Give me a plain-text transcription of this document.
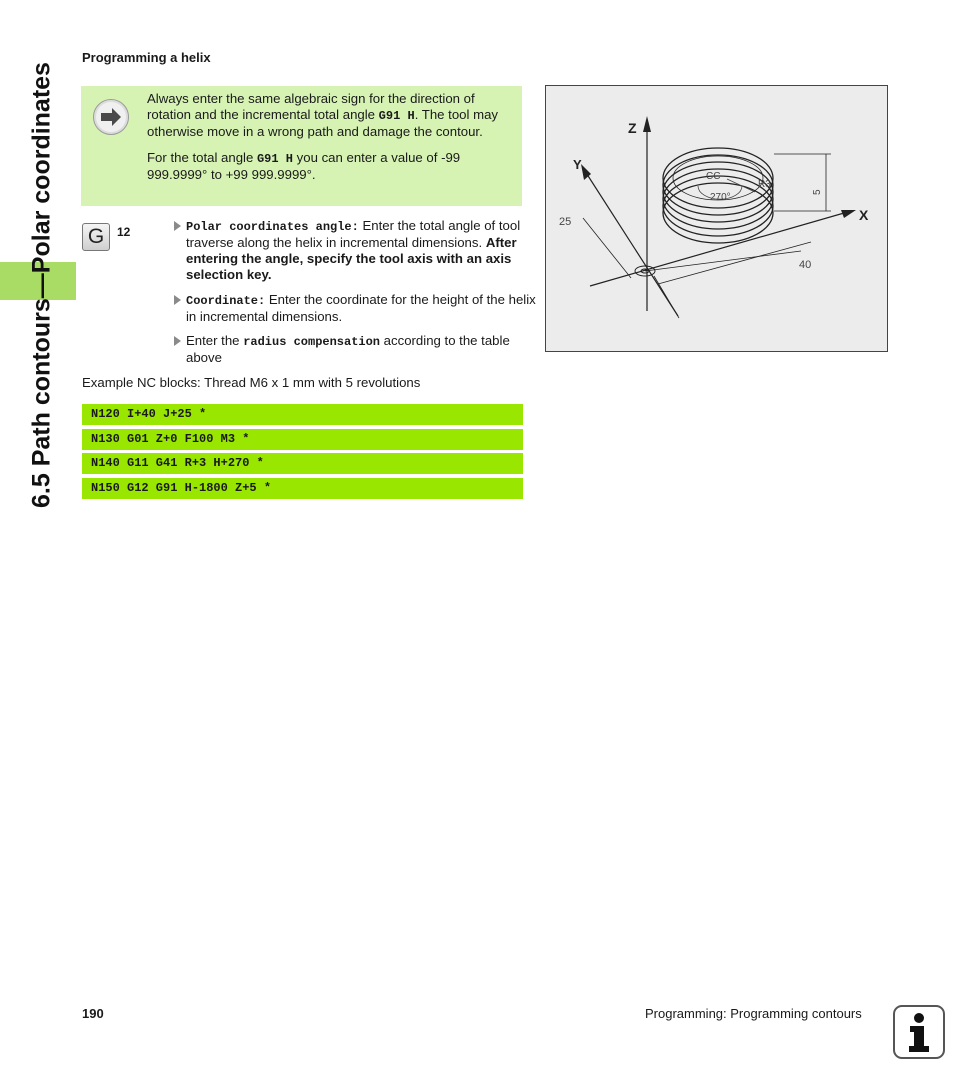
6.5 Path contours—Polar coordinates
Programming a helix

Always enter the same algebraic sign for the direction of rotation and the incremental total angle G91 H. The tool may otherwise move in a wrong path and damage the contour.

For the total angle G91 H you can enter a value of -99 999.9999° to +99 999.9999°.

G	12	Polar coordinates angle: Enter the total angle of tool traverse along the helix in incremental dimensions. After entering the angle, specify the tool axis with an axis selection key.
Coordinate: Enter the coordinate for the height of the helix in incremental dimensions.
Enter the radius compensation according to the table above
Example NC blocks: Thread M6 x 1 mm with 5 revolutions
N120 I+40 J+25 *
N130 G01 Z+0 F100 M3 *
N140 G11 G41 R+3 H+270 *
N150 G12 G91 H-1800 Z+5 *
Z
Y
X
CC
R3
270°	5
25
40
190	Programming: Programming contours
